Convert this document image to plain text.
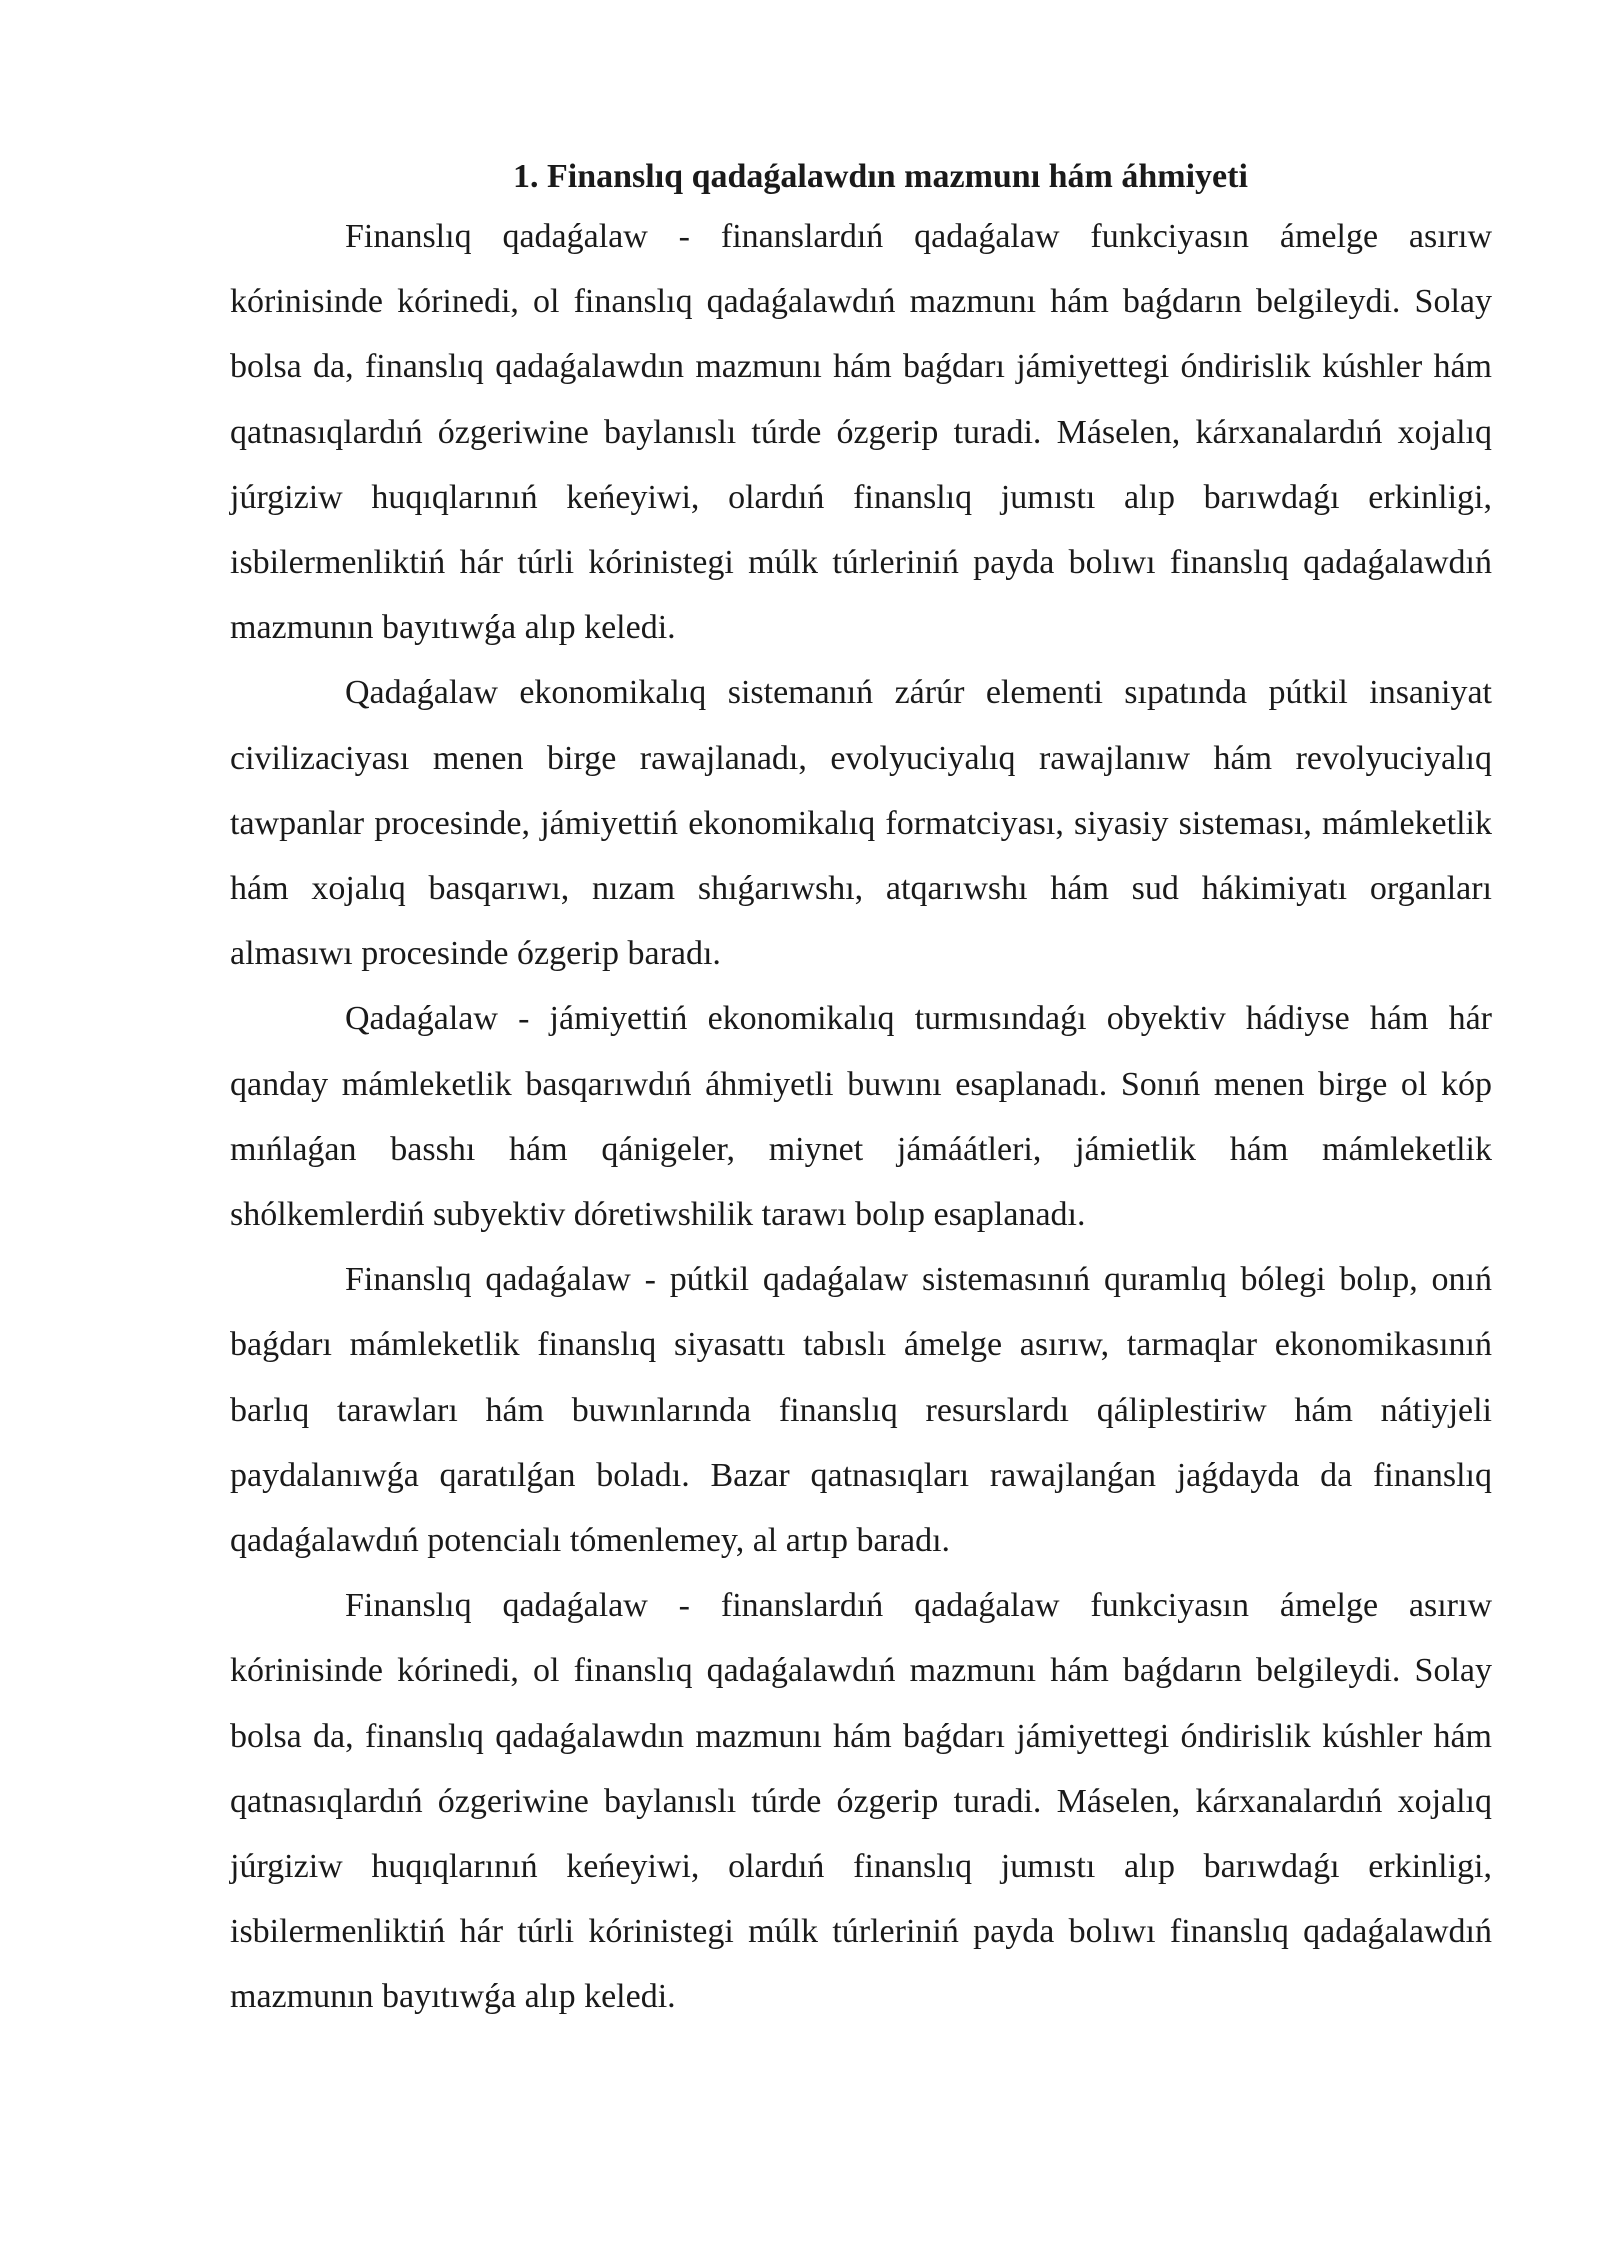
1. Finanslıq qadaǵalawdın mazmunı hám áhmiyeti

Finanslıq qadaǵalaw - finanslardıń qadaǵalaw funkciyasın ámelge asırıw kórinisinde kórinedi, ol finanslıq qadaǵalawdıń mazmunı hám baǵdarın belgileydi. Solay bolsa da, finanslıq qadaǵalawdın mazmunı hám baǵdarı jámiyettegi óndirislik kúshler hám qatnasıqlardıń ózgeriwine baylanıslı túrde ózgerip turadi. Máselen, kárxanalardıń xojalıq júrgiziw huqıqlarınıń keńeyiwi, olardıń finanslıq jumıstı alıp barıwdaǵı erkinligi, isbilermenliktiń hár túrli kórinistegi múlk túrleriniń payda bolıwı finanslıq qadaǵalawdıń mazmunın bayıtıwǵa alıp keledi.

Qadaǵalaw ekonomikalıq sistemanıń zárúr elementi sıpatında pútkil insaniyat civilizaciyası menen birge rawajlanadı, evolyuciyalıq rawajlanıw hám revolyuciyalıq tawpanlar procesinde, jámiyettiń ekonomikalıq formatciyası, siyasiy sisteması, mámleketlik hám xojalıq basqarıwı, nızam shıǵarıwshı, atqarıwshı hám sud hákimiyatı organları almasıwı procesinde ózgerip baradı.

Qadaǵalaw - jámiyettiń ekonomikalıq turmısındaǵı obyektiv hádiyse hám hár qanday mámleketlik basqarıwdıń áhmiyetli buwını esaplanadı. Sonıń menen birge ol kóp mıńlaǵan basshı hám qánigeler, miynet jámáátleri, jámietlik hám mámleketlik shólkemlerdiń subyektiv dóretiwshilik tarawı bolıp esaplanadı.

Finanslıq qadaǵalaw - pútkil qadaǵalaw sistemasınıń quramlıq bólegi bolıp, onıń baǵdarı mámleketlik finanslıq siyasattı tabıslı ámelge asırıw, tarmaqlar ekonomikasınıń barlıq tarawları hám buwınlarında finanslıq resurslardı qáliplestiriw hám nátiyjeli paydalanıwǵa qaratılǵan boladı. Bazar qatnasıqları rawajlanǵan jaǵdayda da finanslıq qadaǵalawdıń potencialı tómenlemey, al artıp baradı.

Finanslıq qadaǵalaw - finanslardıń qadaǵalaw funkciyasın ámelge asırıw kórinisinde kórinedi, ol finanslıq qadaǵalawdıń mazmunı hám baǵdarın belgileydi. Solay bolsa da, finanslıq qadaǵalawdın mazmunı hám baǵdarı jámiyettegi óndirislik kúshler hám qatnasıqlardıń ózgeriwine baylanıslı túrde ózgerip turadi. Máselen, kárxanalardıń xojalıq júrgiziw huqıqlarınıń keńeyiwi, olardıń finanslıq jumıstı alıp barıwdaǵı erkinligi, isbilermenliktiń hár túrli kórinistegi múlk túrleriniń payda bolıwı finanslıq qadaǵalawdıń mazmunın bayıtıwǵa alıp keledi.
